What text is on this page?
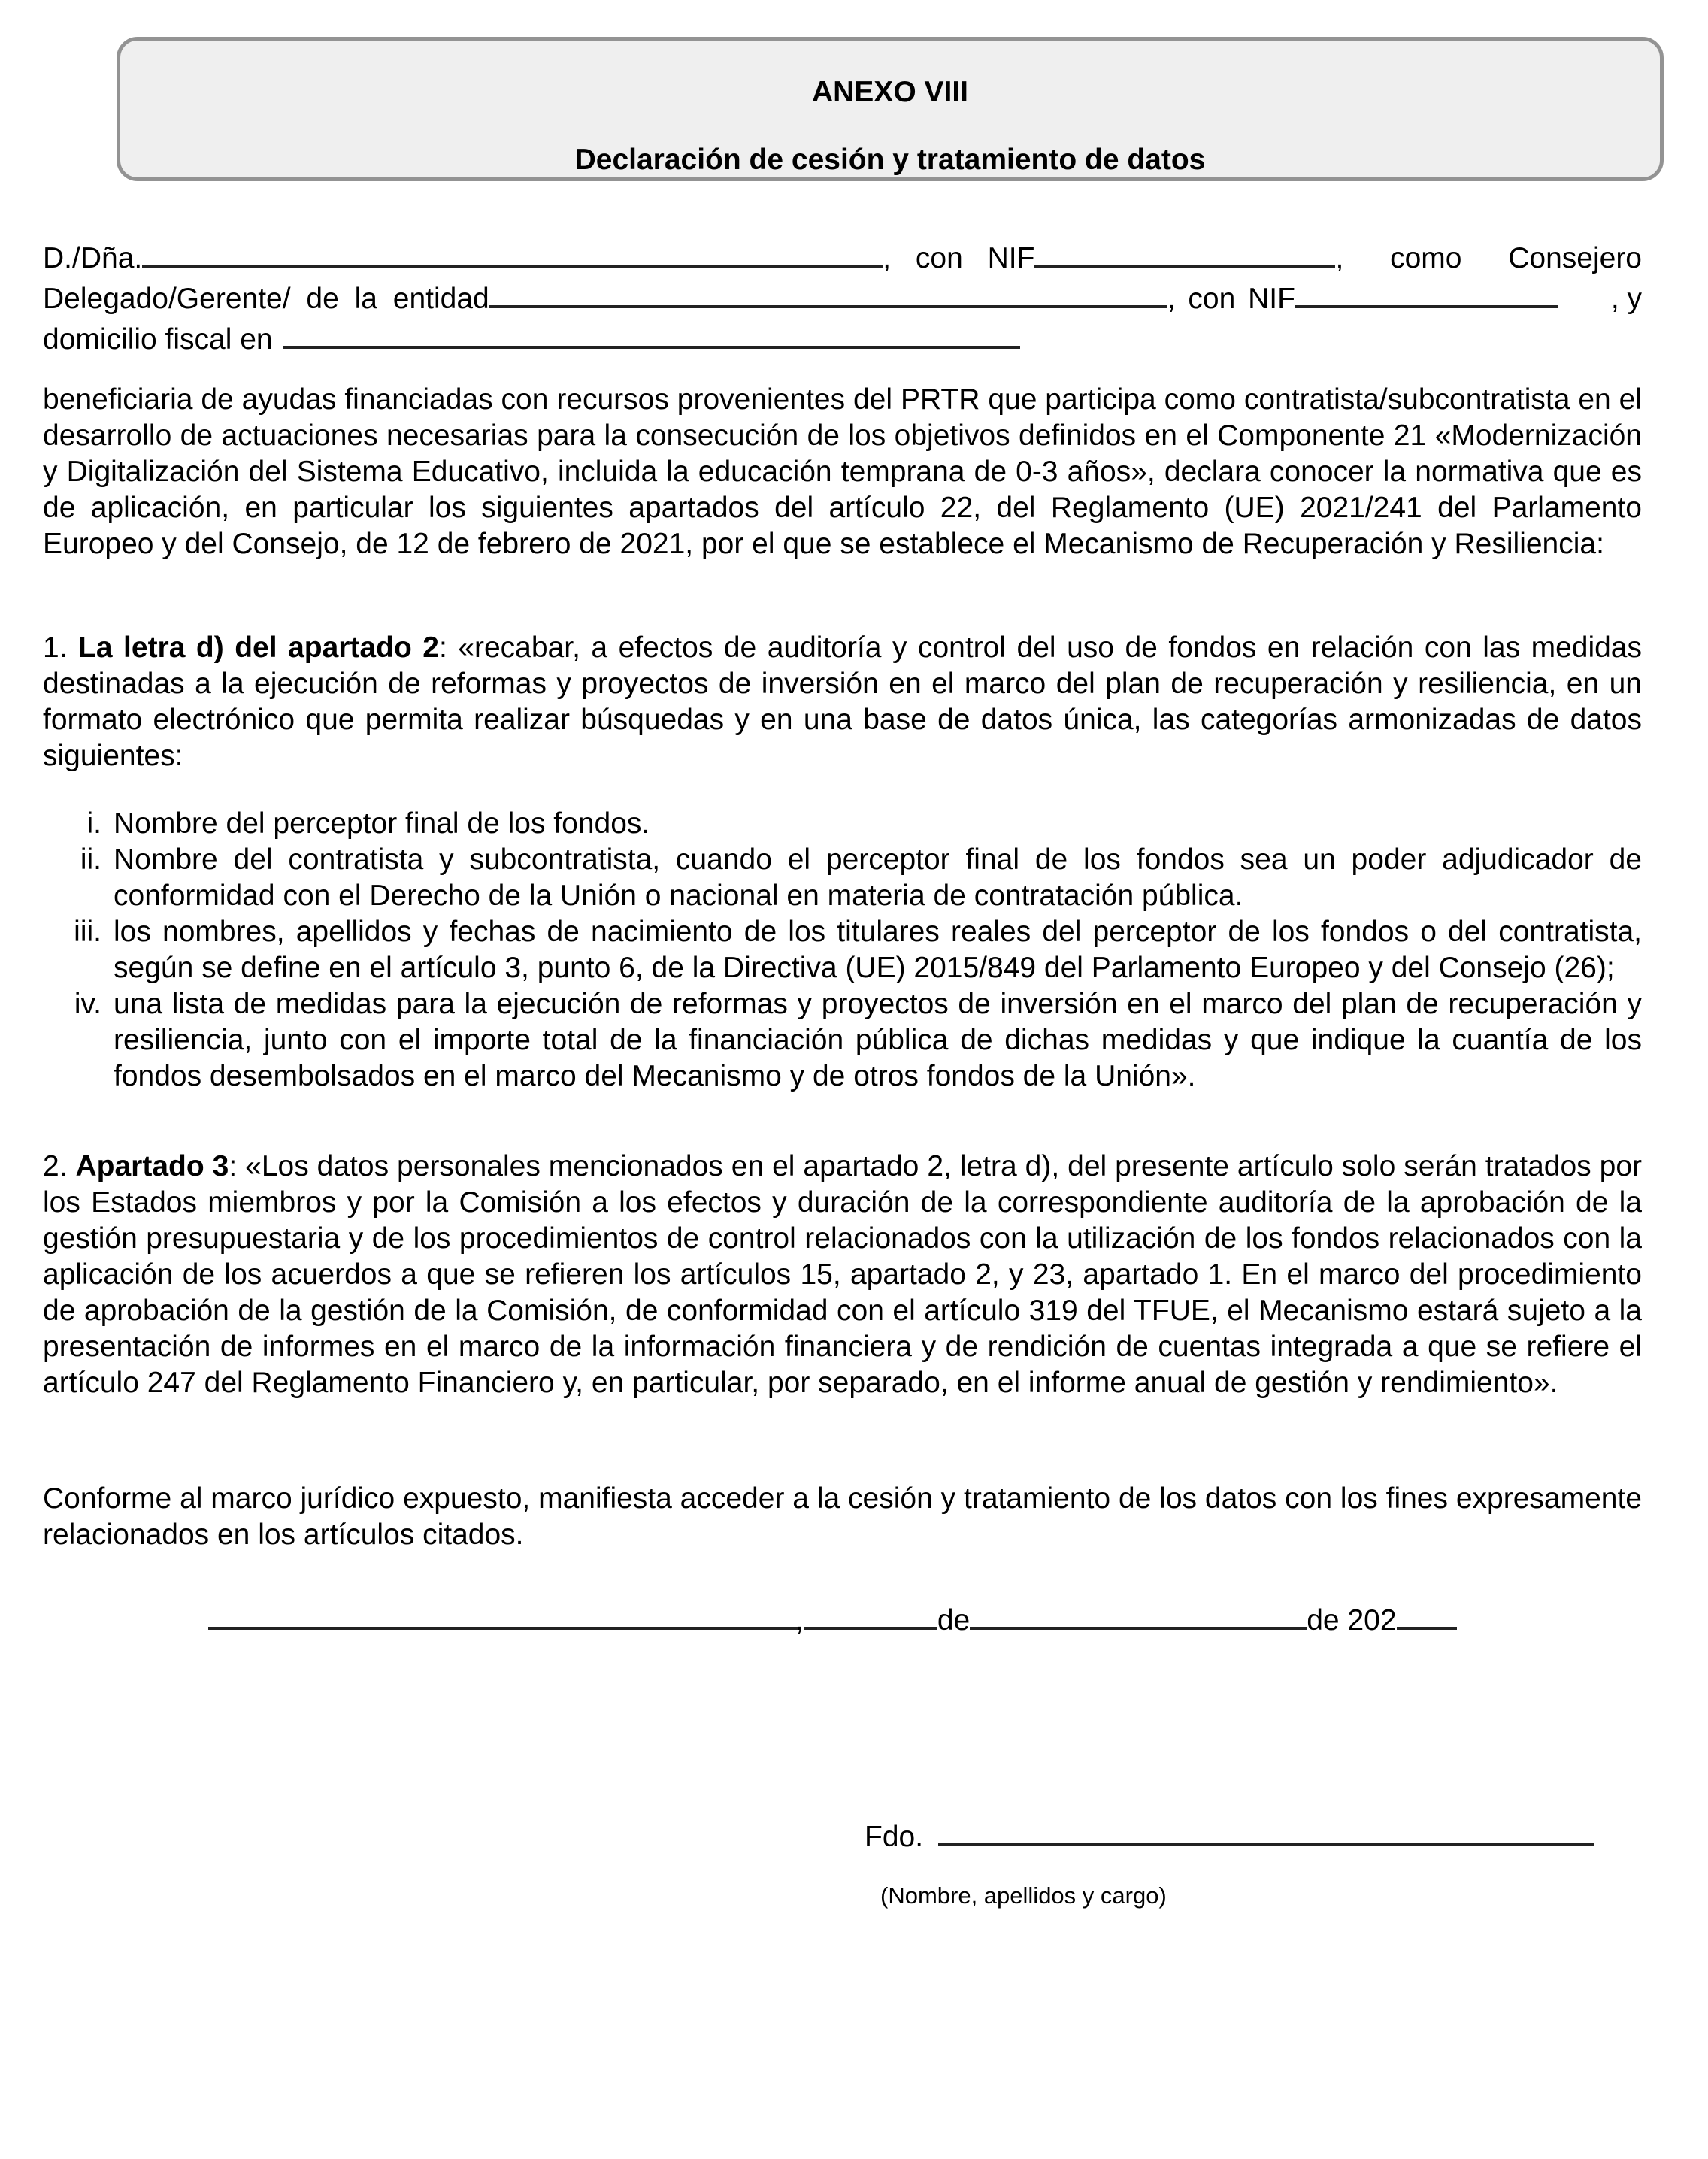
ANEXO VIII
Declaración de cesión y tratamiento de datos
D./Dña.	, con NIF	, como Consejero
Delegado/Gerente/ de la entidad	, con NIF	, y
domicilio fiscal en
beneficiaria de ayudas financiadas con recursos provenientes del PRTR que participa como contratista/subcontratista en el desarrollo de actuaciones necesarias para la consecución de los objetivos definidos en el Componente 21 «Modernización y Digitalización del Sistema Educativo, incluida la educación temprana de 0-3 años», declara conocer la normativa que es de aplicación, en particular los siguientes apartados del artículo 22, del Reglamento (UE) 2021/241 del Parlamento Europeo y del Consejo, de 12 de febrero de 2021, por el que se establece el Mecanismo de Recuperación y Resiliencia:
1. La letra d) del apartado 2: «recabar, a efectos de auditoría y control del uso de fondos en relación con las medidas destinadas a la ejecución de reformas y proyectos de inversión en el marco del plan de recuperación y resiliencia, en un formato electrónico que permita realizar búsquedas y en una base de datos única, las categorías armonizadas de datos siguientes:
i. Nombre del perceptor final de los fondos.
ii. Nombre del contratista y subcontratista, cuando el perceptor final de los fondos sea un poder adjudicador de conformidad con el Derecho de la Unión o nacional en materia de contratación pública.
iii. los nombres, apellidos y fechas de nacimiento de los titulares reales del perceptor de los fondos o del contratista, según se define en el artículo 3, punto 6, de la Directiva (UE) 2015/849 del Parlamento Europeo y del Consejo (26);
iv. una lista de medidas para la ejecución de reformas y proyectos de inversión en el marco del plan de recuperación y resiliencia, junto con el importe total de la financiación pública de dichas medidas y que indique la cuantía de los fondos desembolsados en el marco del Mecanismo y de otros fondos de la Unión».
2. Apartado 3: «Los datos personales mencionados en el apartado 2, letra d), del presente artículo solo serán tratados por los Estados miembros y por la Comisión a los efectos y duración de la correspondiente auditoría de la aprobación de la gestión presupuestaria y de los procedimientos de control relacionados con la utilización de los fondos relacionados con la aplicación de los acuerdos a que se refieren los artículos 15, apartado 2, y 23, apartado 1. En el marco del procedimiento de aprobación de la gestión de la Comisión, de conformidad con el artículo 319 del TFUE, el Mecanismo estará sujeto a la presentación de informes en el marco de la información financiera y de rendición de cuentas integrada a que se refiere el artículo 247 del Reglamento Financiero y, en particular, por separado, en el informe anual de gestión y rendimiento».
Conforme al marco jurídico expuesto, manifiesta acceder a la cesión y tratamiento de los datos con los fines expresamente relacionados en los artículos citados.
,	de	de 202
Fdo.
(Nombre, apellidos y cargo)
